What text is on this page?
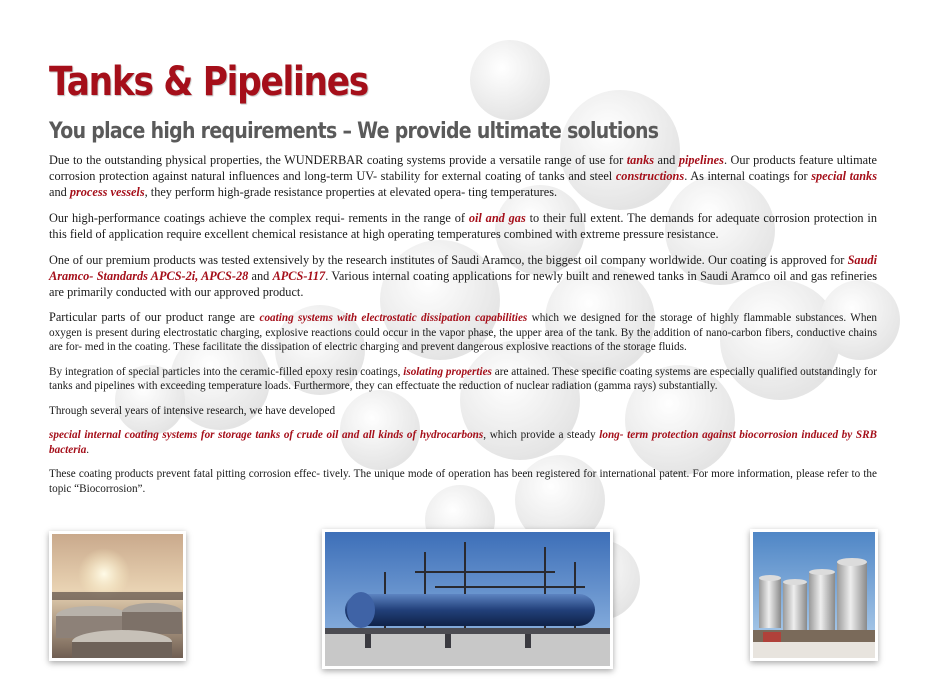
Tanks & Pipelines
You place high requirements – We provide ultimate solutions

Due to the outstanding physical properties, the WUNDERBAR coating systems provide a versatile range of use for tanks and pipelines. Our products feature ultimate corrosion protection against natural influences and long-term UV- stability for external coating of tanks and steel constructions. As internal coatings for special tanks and process vessels, they perform high-grade resistance properties at elevated opera- ting temperatures.

Our high-performance coatings achieve the complex requi- rements in the range of oil and gas to their full extent. The demands for adequate corrosion protection in this field of application require excellent chemical resistance at high operating temperatures combined with extreme pressure resistance.

One of our premium products was tested extensively by the research institutes of Saudi Aramco, the biggest oil company worldwide. Our coating is approved for Saudi Aramco- Standards APCS-2i, APCS-28 and APCS-117. Various internal coating applications for newly built and renewed tanks in Saudi Aramco oil and gas refineries are primarily conducted with our approved product.

Particular parts of our product range are coating systems with electrostatic dissipation capabilities which we designed for the storage of highly flammable substances. When oxygen is present during electrostatic charging, explosive reactions could occur in the vapor phase, the upper area of the tank. By the addition of nano-carbon fibers, conductive chains are for- med in the coating. These facilitate the dissipation of electric charging and prevent dangerous explosive reactions of the storage fluids.

By integration of special particles into the ceramic-filled epoxy resin coatings, isolating properties are attained. These specific coating systems are especially qualified outstandingly for tanks and pipelines with exceeding temperature loads. Furthermore, they can effectuate the reduction of nuclear radiation (gamma rays) substantially.

Through several years of intensive research, we have developed

special internal coating systems for storage tanks of crude oil and all kinds of hydrocarbons, which provide a steady long- term protection against biocorrosion induced by SRB bacteria.

These coating products prevent fatal pitting corrosion effec- tively. The unique mode of operation has been registered for international patent. For more information, please refer to the topic “Biocorrosion”.
